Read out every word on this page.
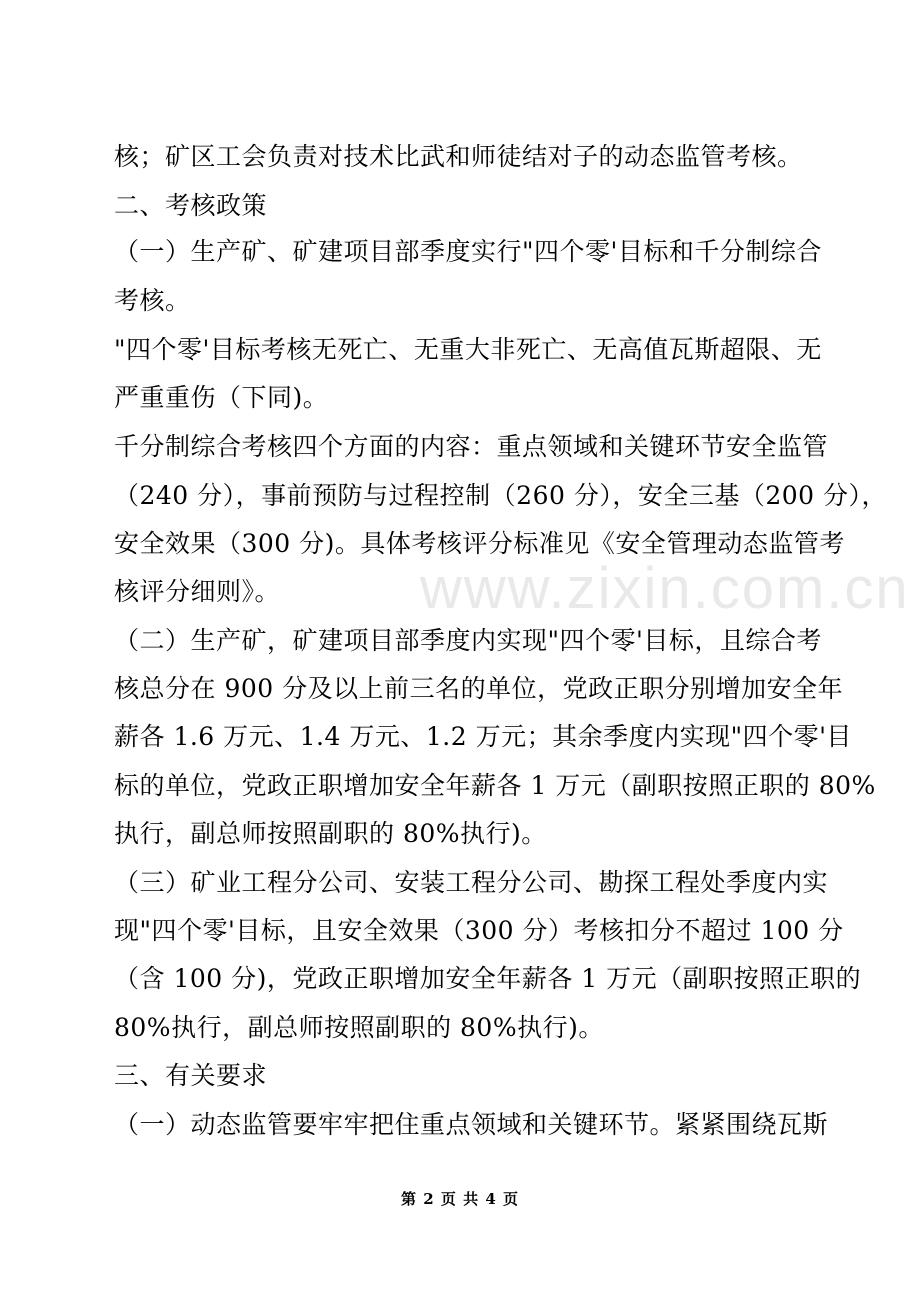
www.zixin.com.cn
核；矿区工会负责对技术比武和师徒结对子的动态监管考核。
二、考核政策
（一）生产矿、矿建项目部季度实行"四个零'目标和千分制综合
考核。
"四个零'目标考核无死亡、无重大非死亡、无高值瓦斯超限、无
严重重伤（下同)。
千分制综合考核四个方面的内容：重点领域和关键环节安全监管
（240 分），事前预防与过程控制（260 分），安全三基（200 分），
安全效果（300 分)。具体考核评分标准见《安全管理动态监管考
核评分细则》。
（二）生产矿，矿建项目部季度内实现"四个零'目标，且综合考
核总分在 900 分及以上前三名的单位，党政正职分别增加安全年
薪各 1.6 万元、1.4 万元、1.2 万元；其余季度内实现"四个零'目
标的单位，党政正职增加安全年薪各 1 万元（副职按照正职的 80%
执行，副总师按照副职的 80%执行)。
（三）矿业工程分公司、安装工程分公司、勘探工程处季度内实
现"四个零'目标，且安全效果（300 分）考核扣分不超过 100 分
（含 100 分)，党政正职增加安全年薪各 1 万元（副职按照正职的
80%执行，副总师按照副职的 80%执行)。
三、有关要求
（一）动态监管要牢牢把住重点领域和关键环节。紧紧围绕瓦斯
第 2 页 共 4 页
